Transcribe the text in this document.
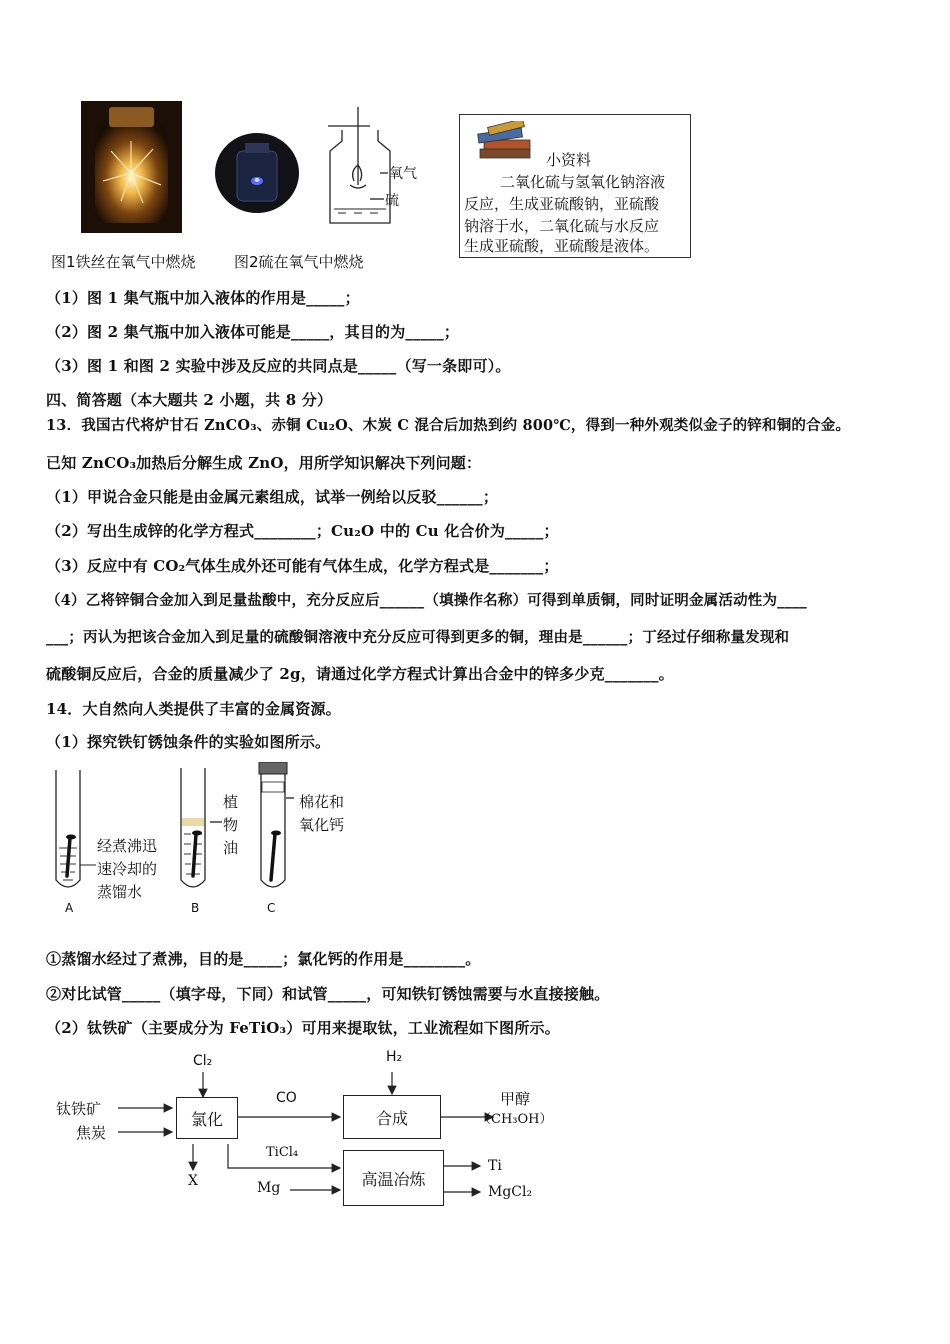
氧气
硫
图1铁丝在氧气中燃烧	图2硫在氧气中燃烧
小资料
二氧化硫与氢氧化钠溶液
反应，生成亚硫酸钠，亚硫酸
钠溶于水，二氧化硫与水反应
生成亚硫酸，亚硫酸是液体。
（1）图 1 集气瓶中加入液体的作用是_____；
（2）图 2 集气瓶中加入液体可能是_____，其目的为_____；
（3）图 1 和图 2 实验中涉及反应的共同点是_____（写一条即可）。
四、简答题（本大题共 2 小题，共 8 分）
13．我国古代将炉甘石 ZnCO₃、赤铜 Cu₂O、木炭 C 混合后加热到约 800℃，得到一种外观类似金子的锌和铜的合金。
已知 ZnCO₃加热后分解生成 ZnO，用所学知识解决下列问题：
（1）甲说合金只能是由金属元素组成，试举一例给以反驳______；
（2）写出生成锌的化学方程式________；Cu₂O 中的 Cu 化合价为_____；
（3）反应中有 CO₂气体生成外还可能有气体生成，化学方程式是_______；
（4）乙将锌铜合金加入到足量盐酸中，充分反应后______（填操作名称）可得到单质铜，同时证明金属活动性为____
___；丙认为把该合金加入到足量的硫酸铜溶液中充分反应可得到更多的铜，理由是______；丁经过仔细称量发现和
硫酸铜反应后，合金的质量减少了 2g，请通过化学方程式计算出合金中的锌多少克_______。
14．大自然向人类提供了丰富的金属资源。
（1）探究铁钉锈蚀条件的实验如图所示。
A	B	C
经煮沸迅
速冷却的
蒸馏水
植
物
油
棉花和
氧化钙
①蒸馏水经过了煮沸，目的是_____；氯化钙的作用是________。
②对比试管_____（填字母，下同）和试管_____，可知铁钉锈蚀需要与水直接接触。
（2）钛铁矿（主要成分为 FeTiO₃）可用来提取钛，工业流程如下图所示。
氯化	合成
高温冶炼
Cl₂	H₂
钛铁矿
焦炭
CO	甲醇
（CH₃OH）
TiCl₄
X	Mg
Ti
MgCl₂
